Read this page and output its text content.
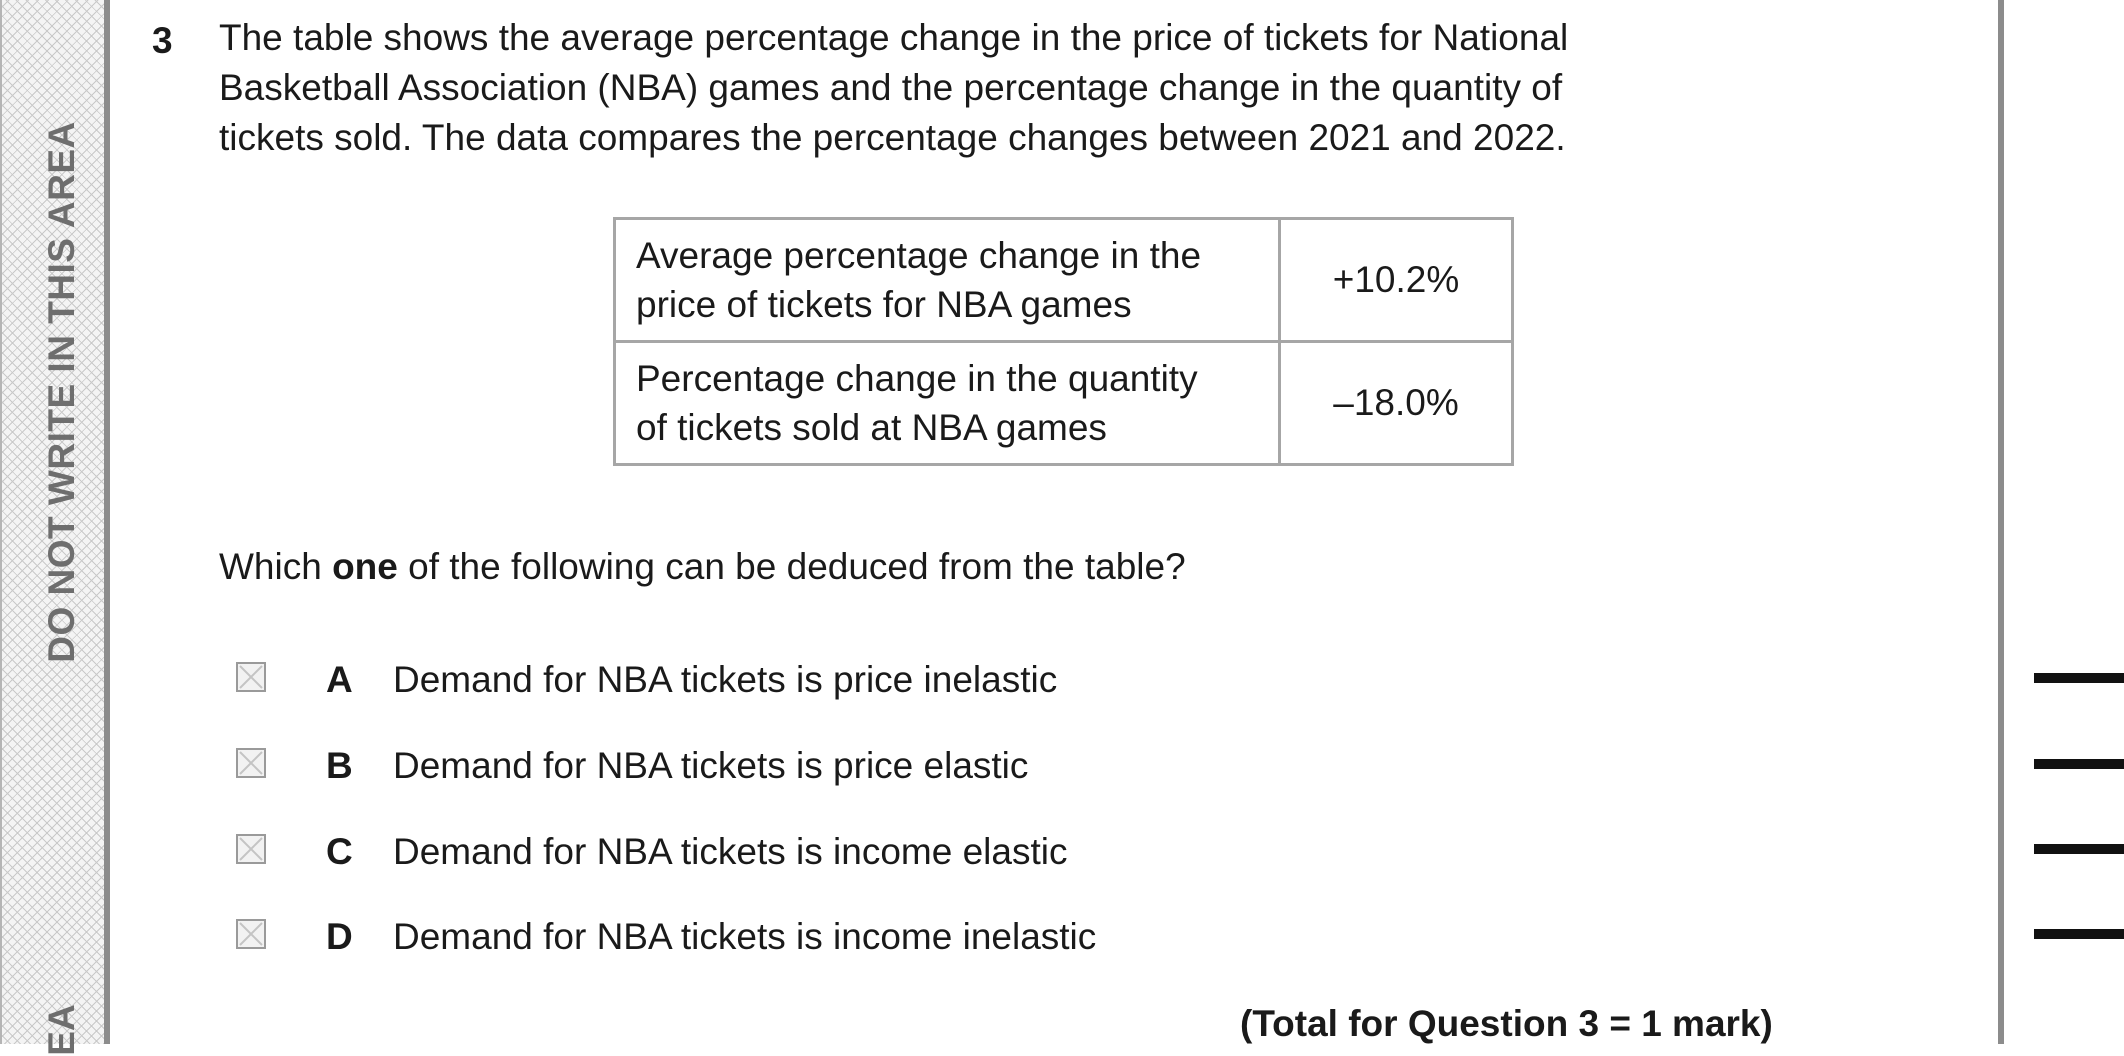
DO NOT WRITE IN THIS AREA
EA
3 The table shows the average percentage change in the price of tickets for National
Basketball Association (NBA) games and the percentage change in the quantity of
tickets sold. The data compares the percentage changes between 2021 and 2022.
Average percentage change in the
price of tickets for NBA games	+10.2%

Percentage change in the quantity
of tickets sold at NBA games	–18.0%
Which one of the following can be deduced from the table?
A Demand for NBA tickets is price inelastic
B Demand for NBA tickets is price elastic
C Demand for NBA tickets is income elastic
D Demand for NBA tickets is income inelastic
(Total for Question 3 = 1 mark)
